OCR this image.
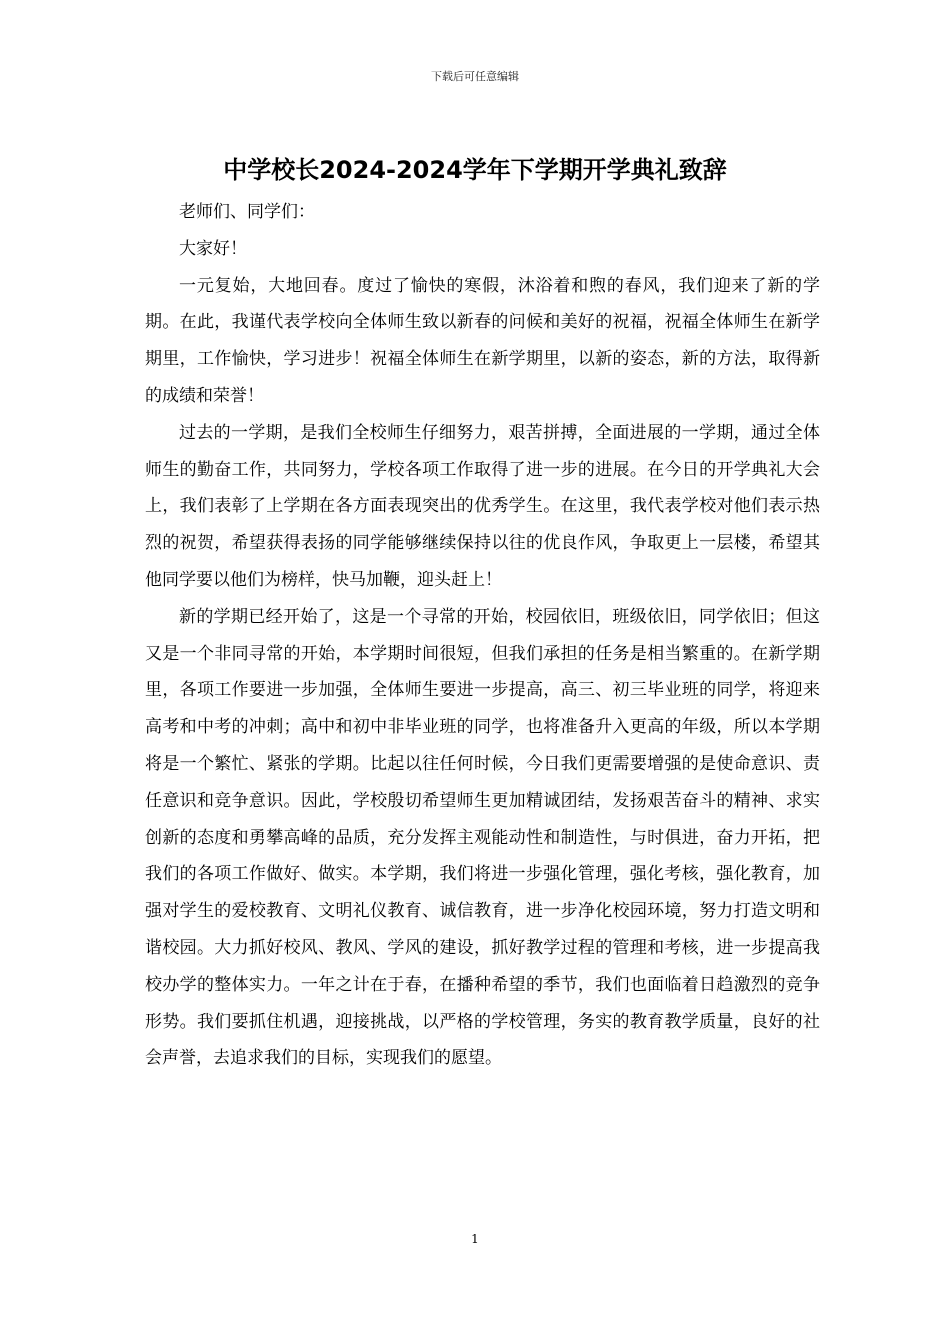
下载后可任意编辑
中学校长2024-2024学年下学期开学典礼致辞

老师们、同学们：

大家好！

一元复始，大地回春。度过了愉快的寒假，沐浴着和煦的春风，我们迎来了新的学期。在此，我谨代表学校向全体师生致以新春的问候和美好的祝福，祝福全体师生在新学期里，工作愉快，学习进步！祝福全体师生在新学期里，以新的姿态，新的方法，取得新的成绩和荣誉！

过去的一学期，是我们全校师生仔细努力，艰苦拼搏，全面进展的一学期，通过全体师生的勤奋工作，共同努力，学校各项工作取得了进一步的进展。在今日的开学典礼大会上，我们表彰了上学期在各方面表现突出的优秀学生。在这里，我代表学校对他们表示热烈的祝贺，希望获得表扬的同学能够继续保持以往的优良作风，争取更上一层楼，希望其他同学要以他们为榜样，快马加鞭，迎头赶上！

新的学期已经开始了，这是一个寻常的开始，校园依旧，班级依旧，同学依旧；但这又是一个非同寻常的开始，本学期时间很短，但我们承担的任务是相当繁重的。在新学期里，各项工作要进一步加强，全体师生要进一步提高，高三、初三毕业班的同学，将迎来高考和中考的冲刺；高中和初中非毕业班的同学，也将准备升入更高的年级，所以本学期将是一个繁忙、紧张的学期。比起以往任何时候，今日我们更需要增强的是使命意识、责任意识和竞争意识。因此，学校殷切希望师生更加精诚团结，发扬艰苦奋斗的精神、求实创新的态度和勇攀高峰的品质，充分发挥主观能动性和制造性，与时俱进，奋力开拓，把我们的各项工作做好、做实。本学期，我们将进一步强化管理，强化考核，强化教育，加强对学生的爱校教育、文明礼仪教育、诚信教育，进一步净化校园环境，努力打造文明和谐校园。大力抓好校风、教风、学风的建设，抓好教学过程的管理和考核，进一步提高我校办学的整体实力。一年之计在于春，在播种希望的季节，我们也面临着日趋激烈的竞争形势。我们要抓住机遇，迎接挑战，以严格的学校管理，务实的教育教学质量，良好的社会声誉，去追求我们的目标，实现我们的愿望。

1
